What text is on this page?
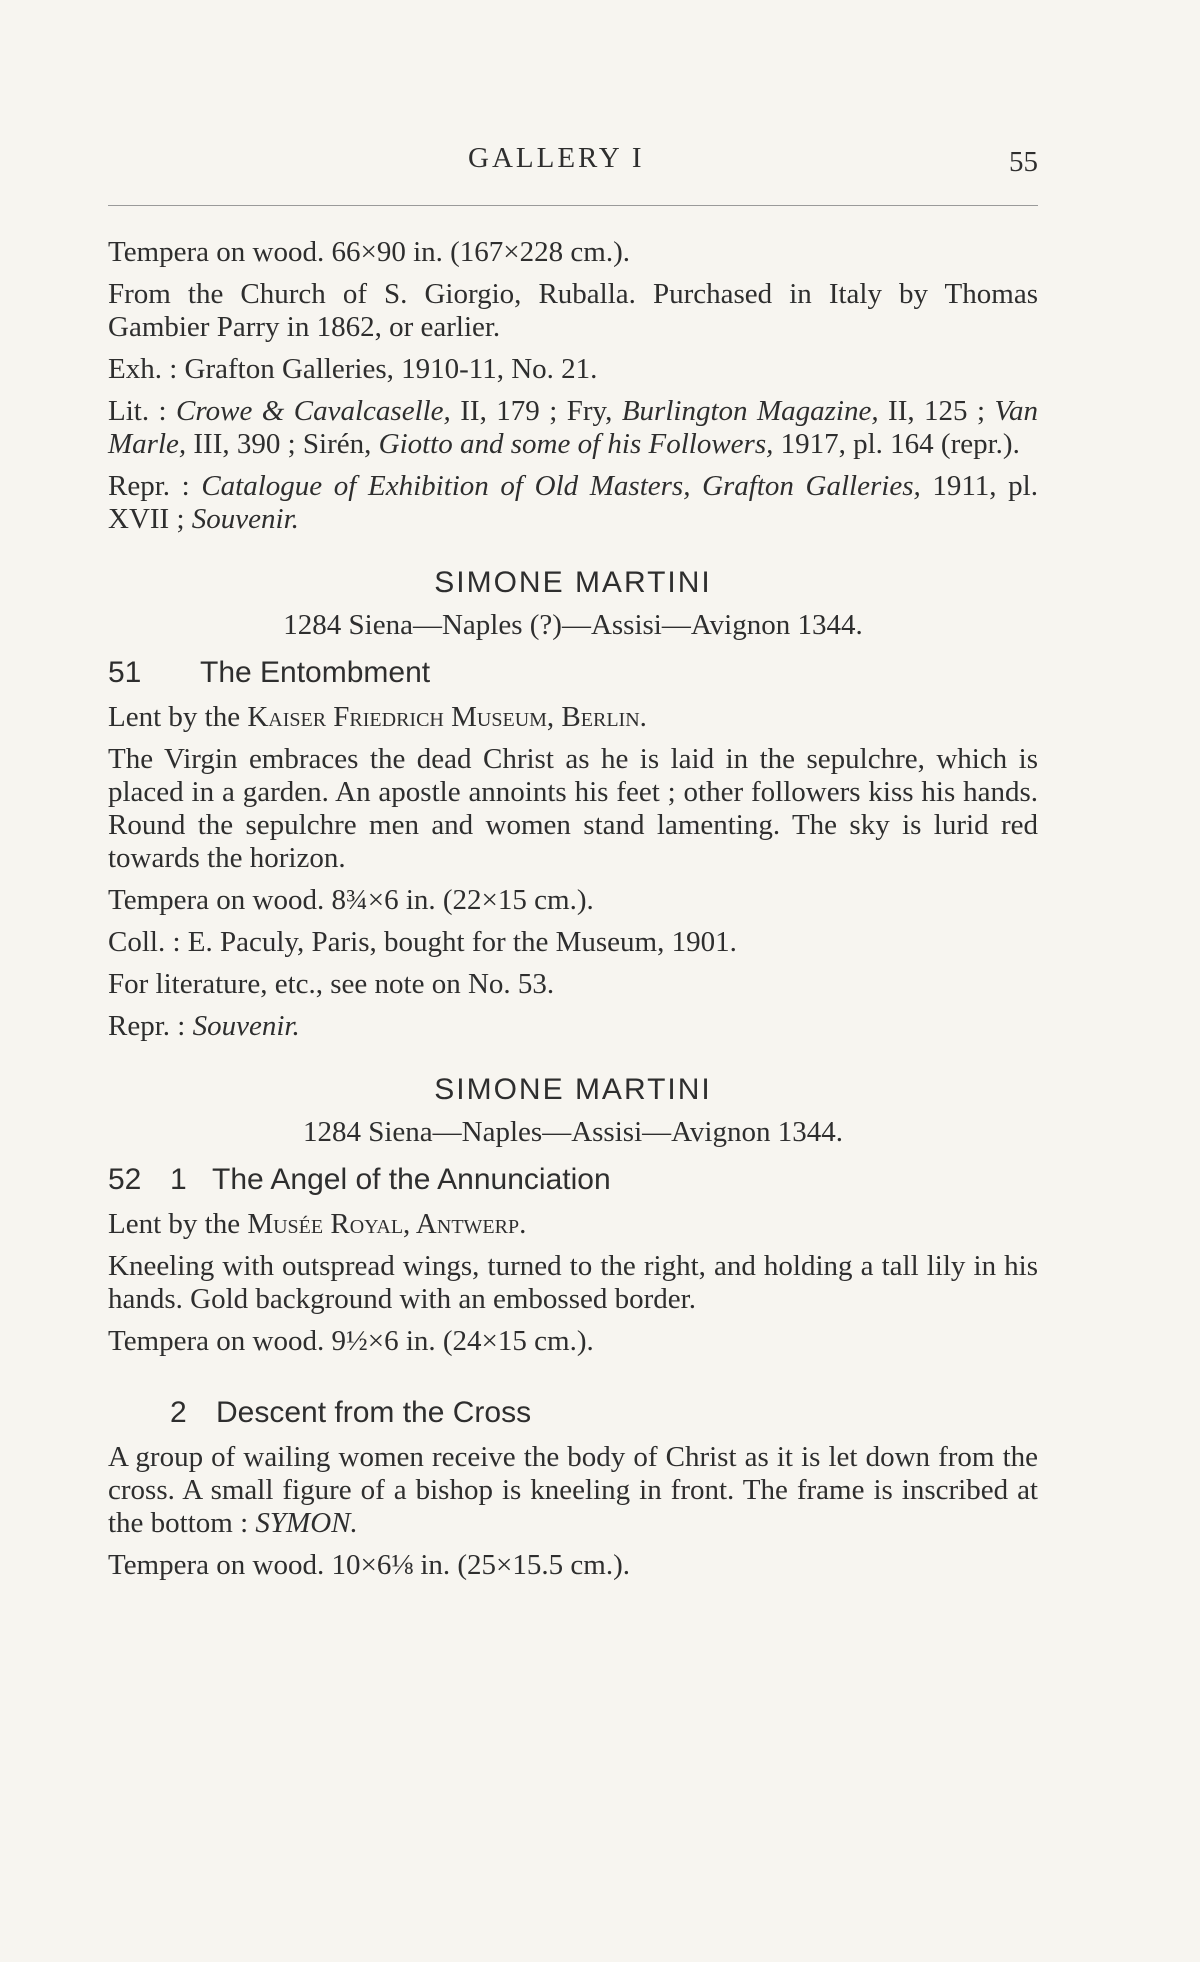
GALLERY I	55

Tempera on wood. 66×90 in. (167×228 cm.).

From the Church of S. Giorgio, Ruballa. Purchased in Italy by Thomas Gambier Parry in 1862, or earlier.

Exh. : Grafton Galleries, 1910-11, No. 21.

Lit. : Crowe & Cavalcaselle, II, 179 ; Fry, Burlington Magazine, II, 125 ; Van Marle, III, 390 ; Sirén, Giotto and some of his Followers, 1917, pl. 164 (repr.).

Repr. : Catalogue of Exhibition of Old Masters, Grafton Galleries, 1911, pl. XVII ; Souvenir.

SIMONE MARTINI
1284 Siena—Naples (?)—Assisi—Avignon 1344.
51 The Entombment

Lent by the Kaiser Friedrich Museum, Berlin.

The Virgin embraces the dead Christ as he is laid in the sepulchre, which is placed in a garden. An apostle annoints his feet ; other followers kiss his hands. Round the sepulchre men and women stand lamenting. The sky is lurid red towards the horizon.

Tempera on wood. 8¾×6 in. (22×15 cm.).

Coll. : E. Paculy, Paris, bought for the Museum, 1901.

For literature, etc., see note on No. 53.

Repr. : Souvenir.

SIMONE MARTINI
1284 Siena—Naples—Assisi—Avignon 1344.
52 1 The Angel of the Annunciation

Lent by the Musée Royal, Antwerp.

Kneeling with outspread wings, turned to the right, and holding a tall lily in his hands. Gold background with an embossed border.

Tempera on wood. 9½×6 in. (24×15 cm.).

2 Descent from the Cross

A group of wailing women receive the body of Christ as it is let down from the cross. A small figure of a bishop is kneeling in front. The frame is inscribed at the bottom : SYMON.

Tempera on wood. 10×6⅛ in. (25×15.5 cm.).
